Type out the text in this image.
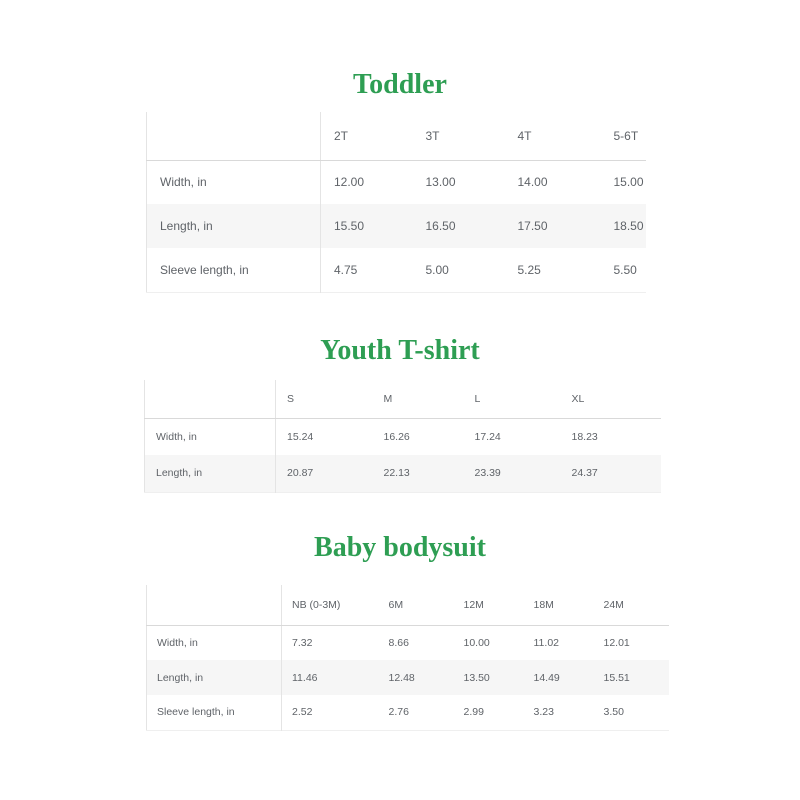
Toddler
	2T	3T	4T	5-6T
Width, in	12.00	13.00	14.00	15.00
Length, in	15.50	16.50	17.50	18.50
Sleeve length, in	4.75	5.00	5.25	5.50
Youth T-shirt
	S	M	L	XL
Width, in	15.24	16.26	17.24	18.23
Length, in	20.87	22.13	23.39	24.37
Baby bodysuit
	NB (0-3M)	6M	12M	18M	24M
Width, in	7.32	8.66	10.00	11.02	12.01
Length, in	11.46	12.48	13.50	14.49	15.51
Sleeve length, in	2.52	2.76	2.99	3.23	3.50
